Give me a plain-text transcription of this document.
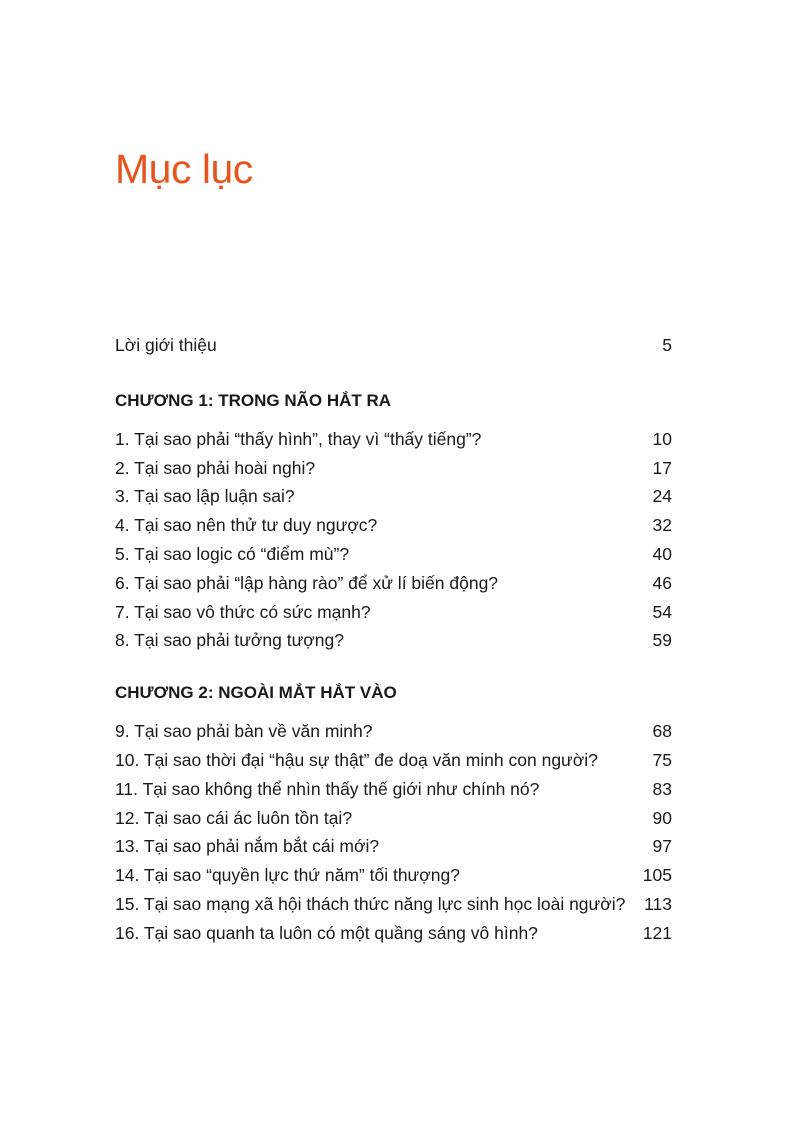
Mục lục
Lời giới thiệu	5
CHƯƠNG 1: TRONG NÃO HẮT RA
1. Tại sao phải “thấy hình”, thay vì “thấy tiếng”?	10
2. Tại sao phải hoài nghi?	17
3. Tại sao lập luận sai?	24
4. Tại sao nên thử tư duy ngược?	32
5. Tại sao logic có “điểm mù”?	40
6. Tại sao phải “lập hàng rào” để xử lí biến động?	46
7. Tại sao vô thức có sức mạnh?	54
8. Tại sao phải tưởng tượng?	59
CHƯƠNG 2: NGOÀI MẮT HẮT VÀO
9. Tại sao phải bàn về văn minh?	68
10. Tại sao thời đại “hậu sự thật” đe doạ văn minh con người?	75
11. Tại sao không thể nhìn thấy thế giới như chính nó?	83
12. Tại sao cái ác luôn tồn tại?	90
13. Tại sao phải nắm bắt cái mới?	97
14. Tại sao “quyền lực thứ năm” tối thượng?	105
15. Tại sao mạng xã hội thách thức năng lực sinh học loài người? 113
16. Tại sao quanh ta luôn có một quầng sáng vô hình?	121
